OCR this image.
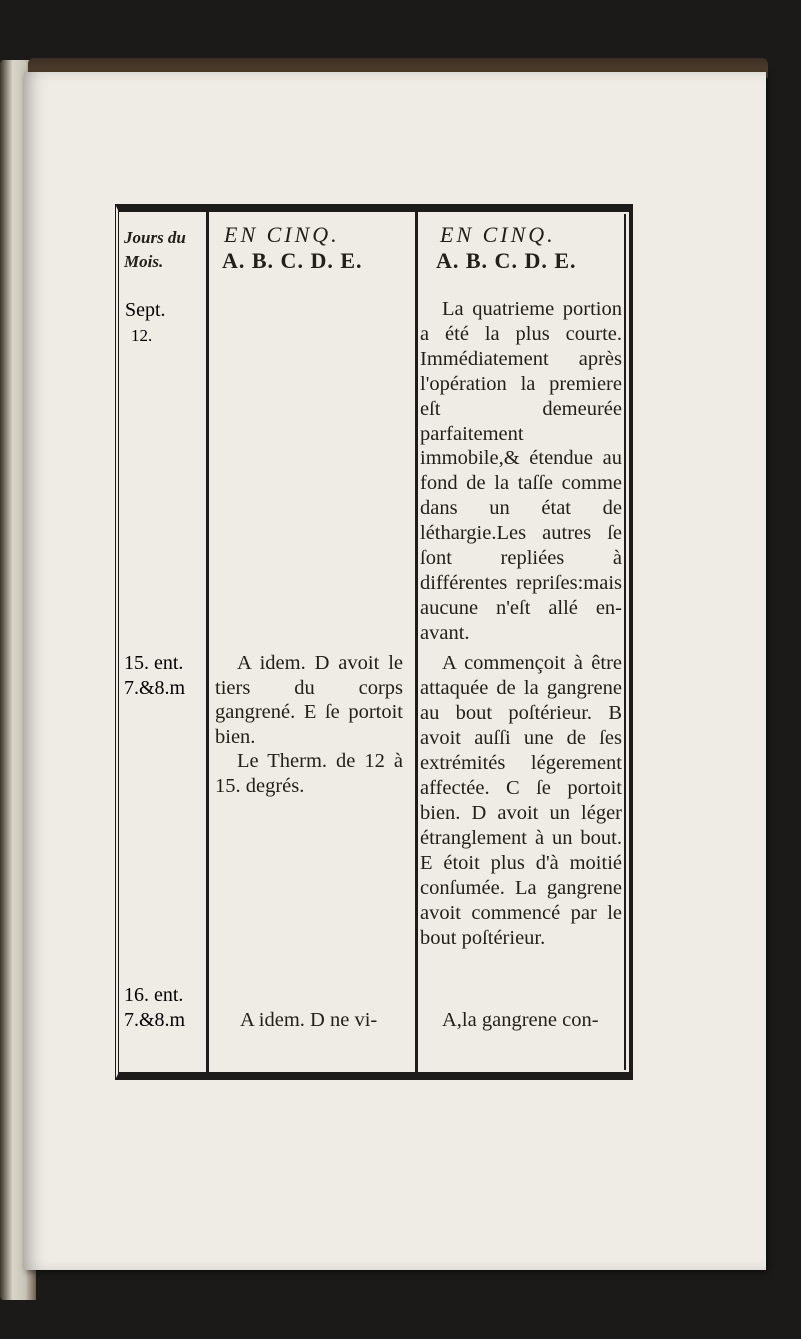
Jours du
Mois.
EN CINQ.
A. B. C. D. E.
EN CINQ.
A. B. C. D. E.
Sept.
12.

La quatrieme portion a été la plus courte. Immédiatement après l'opération la premiere eſt demeurée parfaitement immobile,& étendue au fond de la taſſe comme dans un état de léthargie.Les autres ſe ſont repliées à différentes repriſes:mais aucune n'eſt allé en-avant.

15. ent.
7.&8.m

A idem. D avoit le tiers du corps gangrené. E ſe portoit bien.

Le Therm. de 12 à 15. degrés.

A commençoit à être attaquée de la gangrene au bout poſtérieur. B avoit auſſi une de ſes extrémités légerement affectée. C ſe portoit bien. D avoit un léger étranglement à un bout. E étoit plus d'à moitié conſumée. La gangrene avoit commencé par le bout poſtérieur.

16. ent.
7.&8.m	A idem. D ne vi-	A,la gangrene con-
